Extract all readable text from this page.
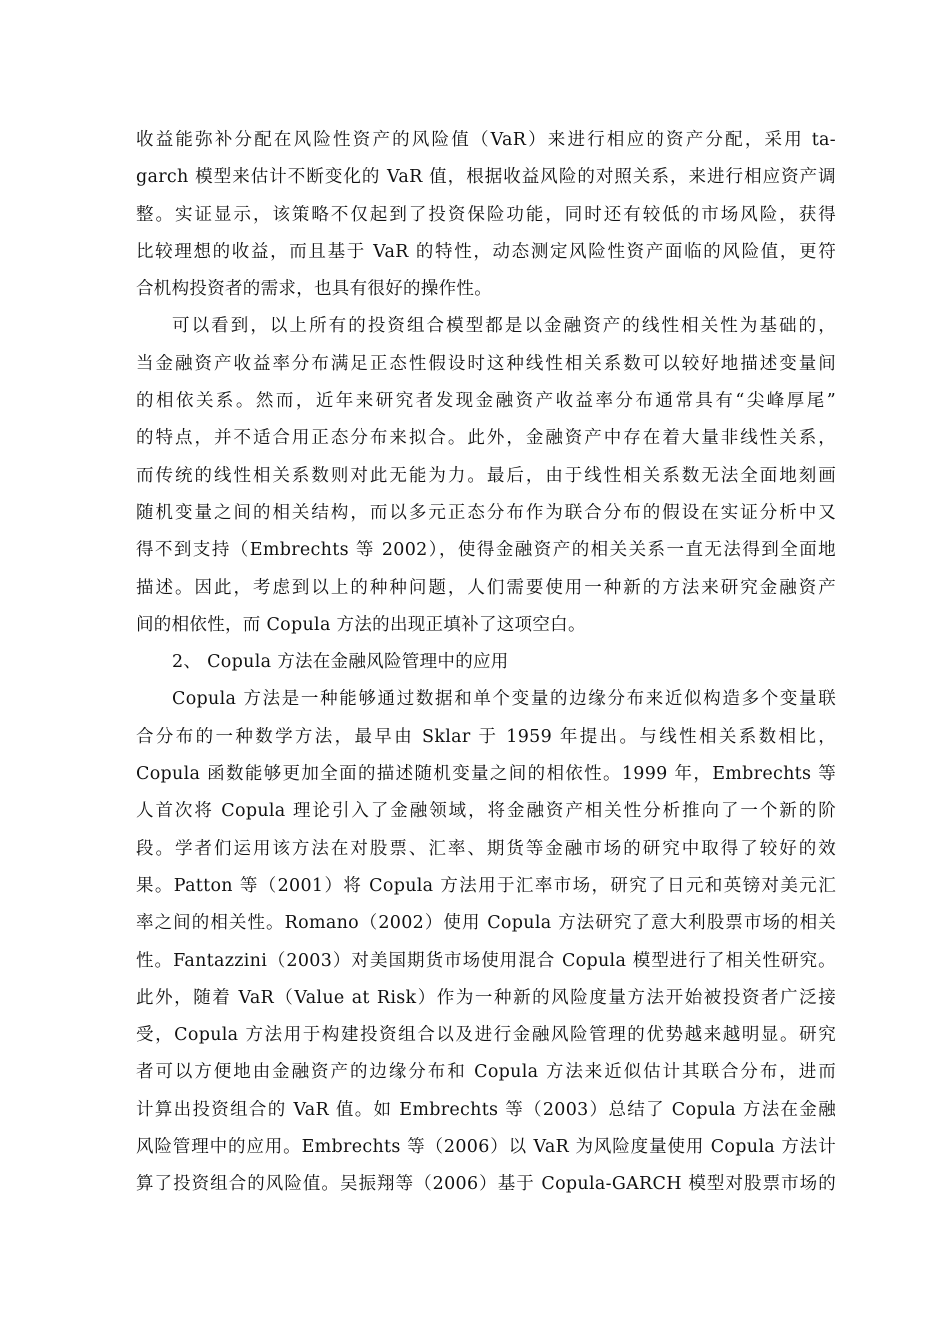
收益能弥补分配在风险性资产的风险值（VaR）来进行相应的资产分配，采用 ta-
garch 模型来估计不断变化的 VaR 值，根据收益风险的对照关系，来进行相应资产调
整。实证显示，该策略不仅起到了投资保险功能，同时还有较低的市场风险，获得
比较理想的收益，而且基于 VaR 的特性，动态测定风险性资产面临的风险值，更符
合机构投资者的需求，也具有很好的操作性。
可以看到，以上所有的投资组合模型都是以金融资产的线性相关性为基础的，
当金融资产收益率分布满足正态性假设时这种线性相关系数可以较好地描述变量间
的相依关系。然而，近年来研究者发现金融资产收益率分布通常具有“尖峰厚尾”
的特点，并不适合用正态分布来拟合。此外，金融资产中存在着大量非线性关系，
而传统的线性相关系数则对此无能为力。最后，由于线性相关系数无法全面地刻画
随机变量之间的相关结构，而以多元正态分布作为联合分布的假设在实证分析中又
得不到支持（Embrechts 等 2002），使得金融资产的相关关系一直无法得到全面地
描述。因此，考虑到以上的种种问题，人们需要使用一种新的方法来研究金融资产
间的相依性，而 Copula 方法的出现正填补了这项空白。
2、 Copula 方法在金融风险管理中的应用
Copula 方法是一种能够通过数据和单个变量的边缘分布来近似构造多个变量联
合分布的一种数学方法，最早由 Sklar 于 1959 年提出。与线性相关系数相比，
Copula 函数能够更加全面的描述随机变量之间的相依性。1999 年，Embrechts 等
人首次将 Copula 理论引入了金融领域，将金融资产相关性分析推向了一个新的阶
段。学者们运用该方法在对股票、汇率、期货等金融市场的研究中取得了较好的效
果。Patton 等（2001）将 Copula 方法用于汇率市场，研究了日元和英镑对美元汇
率之间的相关性。Romano（2002）使用 Copula 方法研究了意大利股票市场的相关
性。Fantazzini（2003）对美国期货市场使用混合 Copula 模型进行了相关性研究。
此外，随着 VaR（Value at Risk）作为一种新的风险度量方法开始被投资者广泛接
受，Copula 方法用于构建投资组合以及进行金融风险管理的优势越来越明显。研究
者可以方便地由金融资产的边缘分布和 Copula 方法来近似估计其联合分布，进而
计算出投资组合的 VaR 值。如 Embrechts 等（2003）总结了 Copula 方法在金融
风险管理中的应用。Embrechts 等（2006）以 VaR 为风险度量使用 Copula 方法计
算了投资组合的风险值。吴振翔等（2006）基于 Copula-GARCH 模型对股票市场的
